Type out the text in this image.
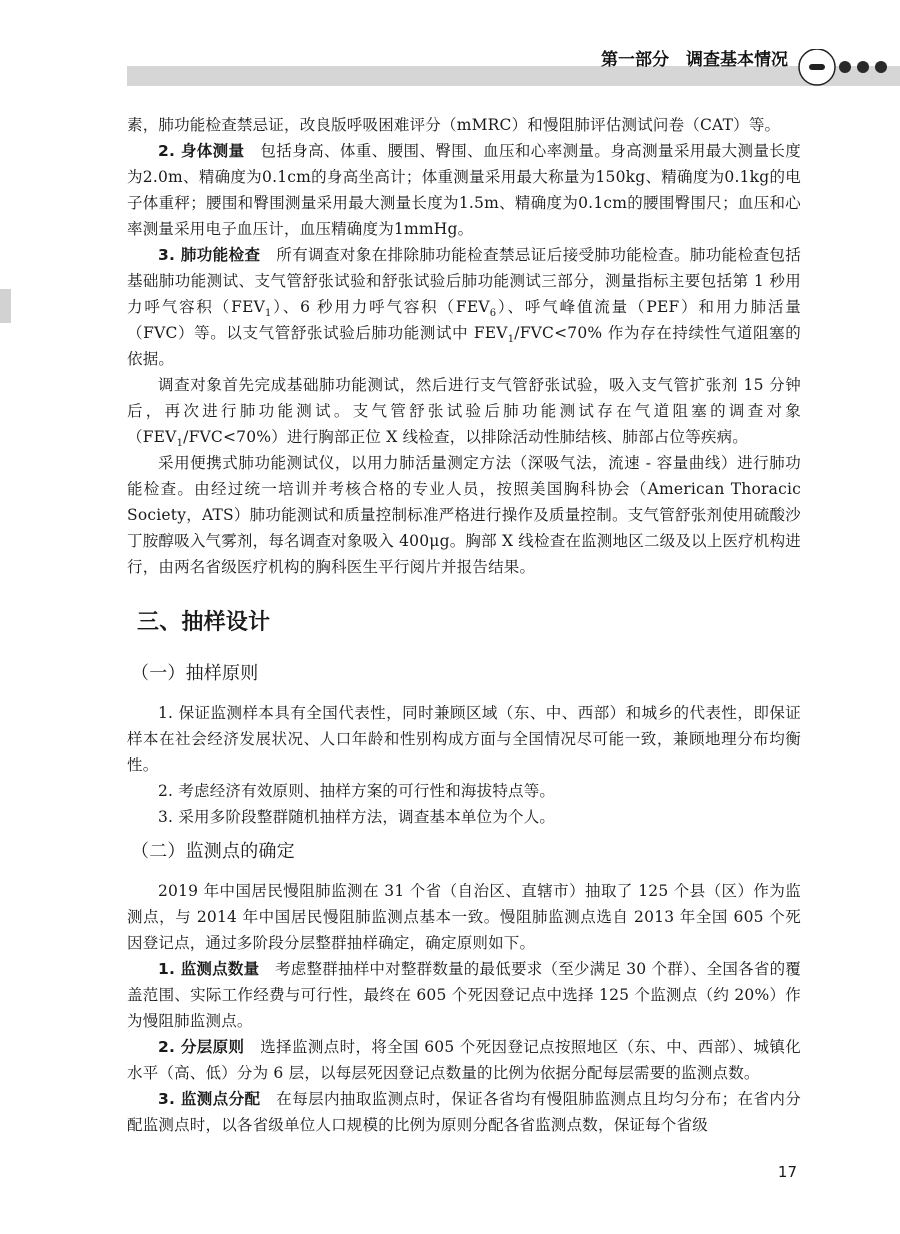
第一部分　调查基本情况

素，肺功能检查禁忌证，改良版呼吸困难评分（mMRC）和慢阻肺评估测试问卷（CAT）等。

2. 身体测量　包括身高、体重、腰围、臀围、血压和心率测量。身高测量采用最大测量长度为2.0m、精确度为0.1cm的身高坐高计；体重测量采用最大称量为150kg、精确度为0.1kg的电子体重秤；腰围和臀围测量采用最大测量长度为1.5m、精确度为0.1cm的腰围臀围尺；血压和心率测量采用电子血压计，血压精确度为1mmHg。

3. 肺功能检查　所有调查对象在排除肺功能检查禁忌证后接受肺功能检查。肺功能检查包括基础肺功能测试、支气管舒张试验和舒张试验后肺功能测试三部分，测量指标主要包括第 1 秒用力呼气容积$(FEV_1)$、6 秒用力呼气容积$(FEV_6)$、呼气峰值流量（PEF）和用力肺活量（FVC）等。以支气管舒张试验后肺功能测试中 $FEV_1/FVC<70\%$ 作为存在持续性气道阻塞的依据。

调查对象首先完成基础肺功能测试，然后进行支气管舒张试验，吸入支气管扩张剂 15 分钟后，再次进行肺功能测试。支气管舒张试验后肺功能测试存在气道阻塞的调查对象$(FEV_1/FVC<70\%)$进行胸部正位 X 线检查，以排除活动性肺结核、肺部占位等疾病。

采用便携式肺功能测试仪，以用力肺活量测定方法（深吸气法，流速 - 容量曲线）进行肺功能检查。由经过统一培训并考核合格的专业人员，按照美国胸科协会（American Thoracic Society，ATS）肺功能测试和质量控制标准严格进行操作及质量控制。支气管舒张剂使用硫酸沙丁胺醇吸入气雾剂，每名调查对象吸入 400μg。胸部 X 线检查在监测地区二级及以上医疗机构进行，由两名省级医疗机构的胸科医生平行阅片并报告结果。

三、抽样设计
（一）抽样原则

1. 保证监测样本具有全国代表性，同时兼顾区域（东、中、西部）和城乡的代表性，即保证样本在社会经济发展状况、人口年龄和性别构成方面与全国情况尽可能一致，兼顾地理分布均衡性。

2. 考虑经济有效原则、抽样方案的可行性和海拔特点等。

3. 采用多阶段整群随机抽样方法，调查基本单位为个人。

（二）监测点的确定

2019 年中国居民慢阻肺监测在 31 个省（自治区、直辖市）抽取了 125 个县（区）作为监测点，与 2014 年中国居民慢阻肺监测点基本一致。慢阻肺监测点选自 2013 年全国 605 个死因登记点，通过多阶段分层整群抽样确定，确定原则如下。

1. 监测点数量　考虑整群抽样中对整群数量的最低要求（至少满足 30 个群）、全国各省的覆盖范围、实际工作经费与可行性，最终在 605 个死因登记点中选择 125 个监测点（约 20%）作为慢阻肺监测点。

2. 分层原则　选择监测点时，将全国 605 个死因登记点按照地区（东、中、西部）、城镇化水平（高、低）分为 6 层，以每层死因登记点数量的比例为依据分配每层需要的监测点数。

3. 监测点分配　在每层内抽取监测点时，保证各省均有慢阻肺监测点且均匀分布；在省内分配监测点时，以各省级单位人口规模的比例为原则分配各省监测点数，保证每个省级

17
